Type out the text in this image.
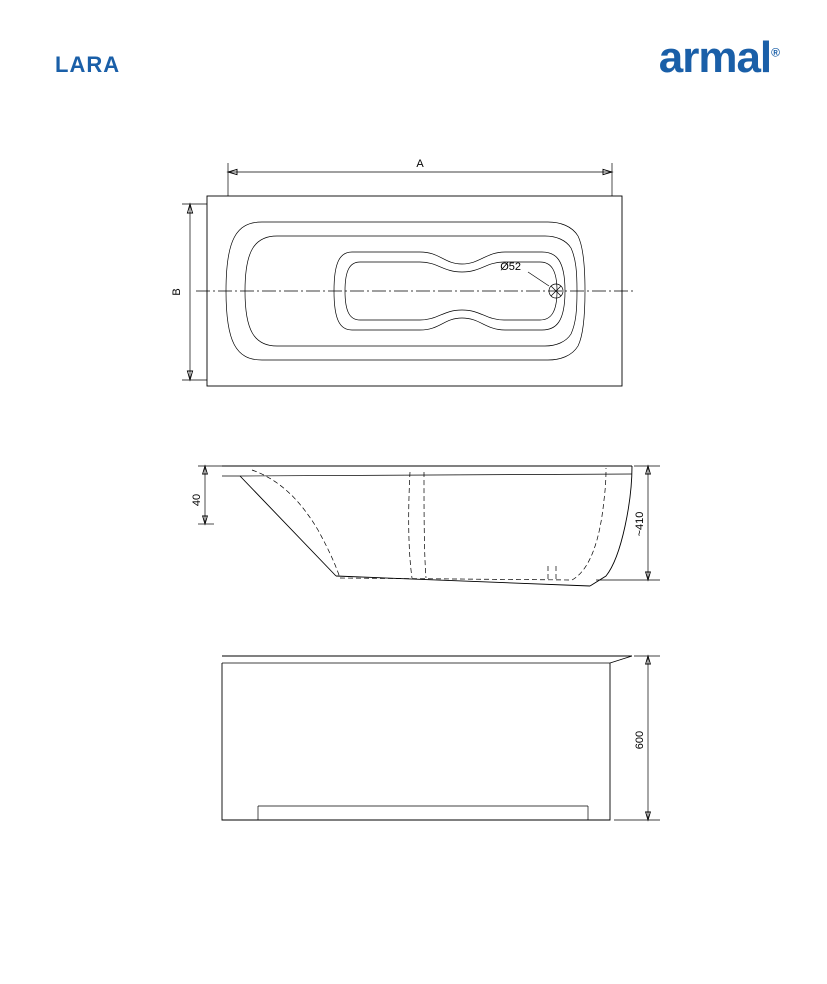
LARA	armal®
Ø52
A
B
40
~410
600
